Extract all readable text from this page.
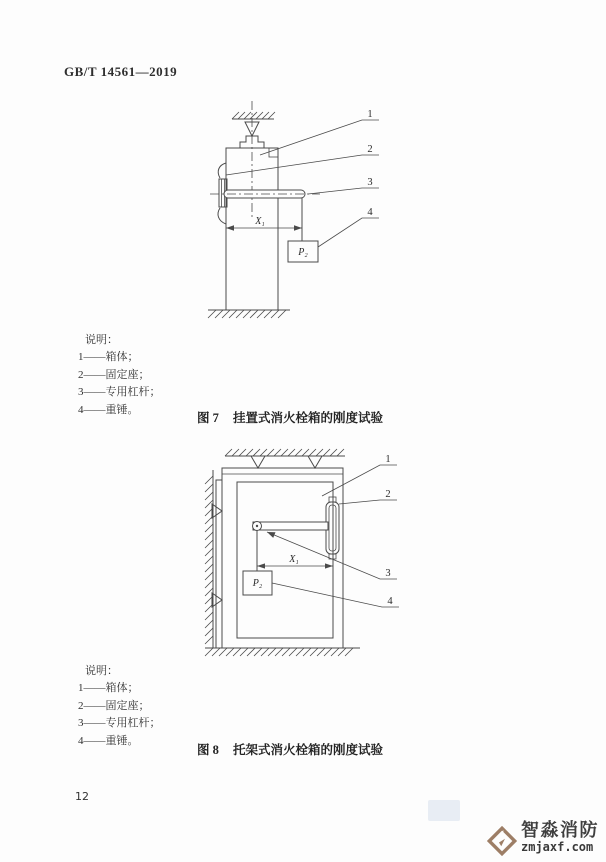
GB/T 14561—2019
X₁
P₂
1
2
3
4
说明：
1——箱体；
2——固定座；
3——专用杠杆；
4——重锤。
图 7 挂置式消火栓箱的刚度试验
X₁
P₂
1
2
3
4
说明：
1——箱体；
2——固定座；
3——专用杠杆；
4——重锤。
图 8 托架式消火栓箱的刚度试验
12
智淼消防
zmjaxf.com
